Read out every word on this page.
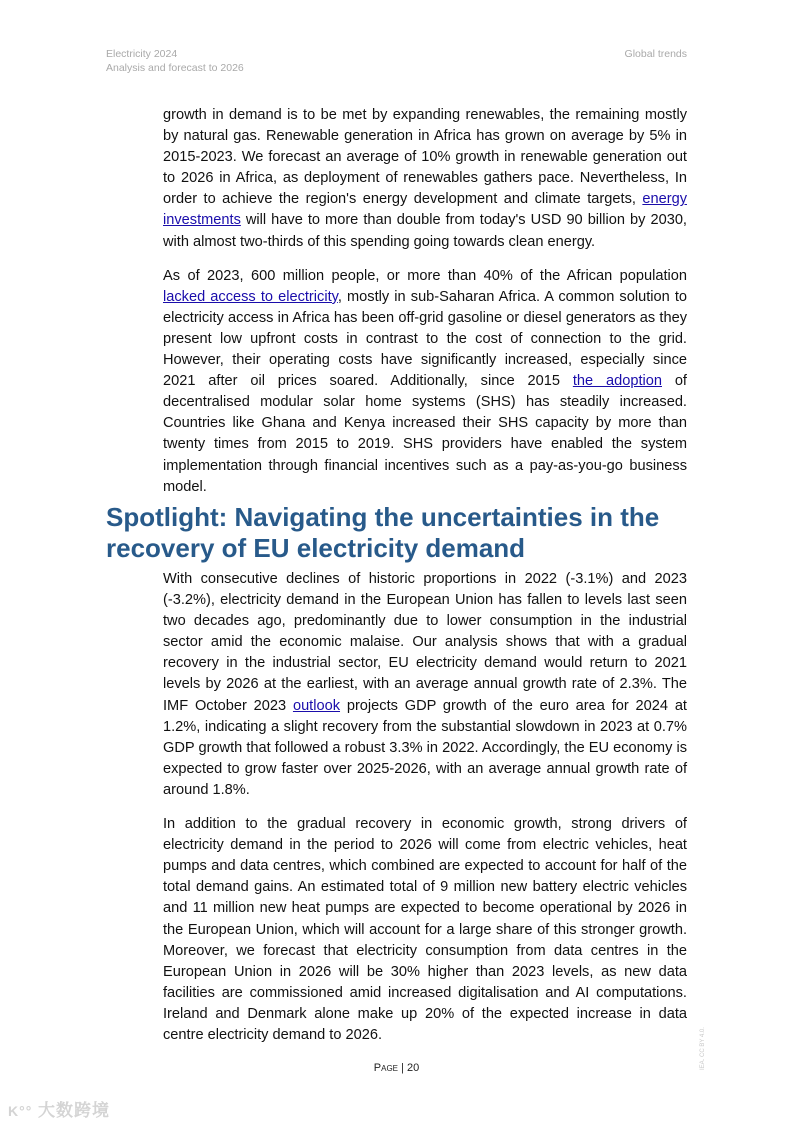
Electricity 2024
Analysis and forecast to 2026
Global trends

growth in demand is to be met by expanding renewables, the remaining mostly by natural gas. Renewable generation in Africa has grown on average by 5% in 2015-2023. We forecast an average of 10% growth in renewable generation out to 2026 in Africa, as deployment of renewables gathers pace. Nevertheless, In order to achieve the region's energy development and climate targets, energy investments will have to more than double from today's USD 90 billion by 2030, with almost two-thirds of this spending going towards clean energy.

As of 2023, 600 million people, or more than 40% of the African population lacked access to electricity, mostly in sub-Saharan Africa. A common solution to electricity access in Africa has been off-grid gasoline or diesel generators as they present low upfront costs in contrast to the cost of connection to the grid. However, their operating costs have significantly increased, especially since 2021 after oil prices soared. Additionally, since 2015 the adoption of decentralised modular solar home systems (SHS) has steadily increased. Countries like Ghana and Kenya increased their SHS capacity by more than twenty times from 2015 to 2019. SHS providers have enabled the system implementation through financial incentives such as a pay-as-you-go business model.

Spotlight: Navigating the uncertainties in the recovery of EU electricity demand

With consecutive declines of historic proportions in 2022 (-3.1%) and 2023 (-3.2%), electricity demand in the European Union has fallen to levels last seen two decades ago, predominantly due to lower consumption in the industrial sector amid the economic malaise. Our analysis shows that with a gradual recovery in the industrial sector, EU electricity demand would return to 2021 levels by 2026 at the earliest, with an average annual growth rate of 2.3%. The IMF October 2023 outlook projects GDP growth of the euro area for 2024 at 1.2%, indicating a slight recovery from the substantial slowdown in 2023 at 0.7% GDP growth that followed a robust 3.3% in 2022. Accordingly, the EU economy is expected to grow faster over 2025-2026, with an average annual growth rate of around 1.8%.

In addition to the gradual recovery in economic growth, strong drivers of electricity demand in the period to 2026 will come from electric vehicles, heat pumps and data centres, which combined are expected to account for half of the total demand gains. An estimated total of 9 million new battery electric vehicles and 11 million new heat pumps are expected to become operational by 2026 in the European Union, which will account for a large share of this stronger growth. Moreover, we forecast that electricity consumption from data centres in the European Union in 2026 will be 30% higher than 2023 levels, as new data facilities are commissioned amid increased digitalisation and AI computations. Ireland and Denmark alone make up 20% of the expected increase in data centre electricity demand to 2026.

Page | 20	IEA. CC BY 4.0.
K°° 大数跨境
